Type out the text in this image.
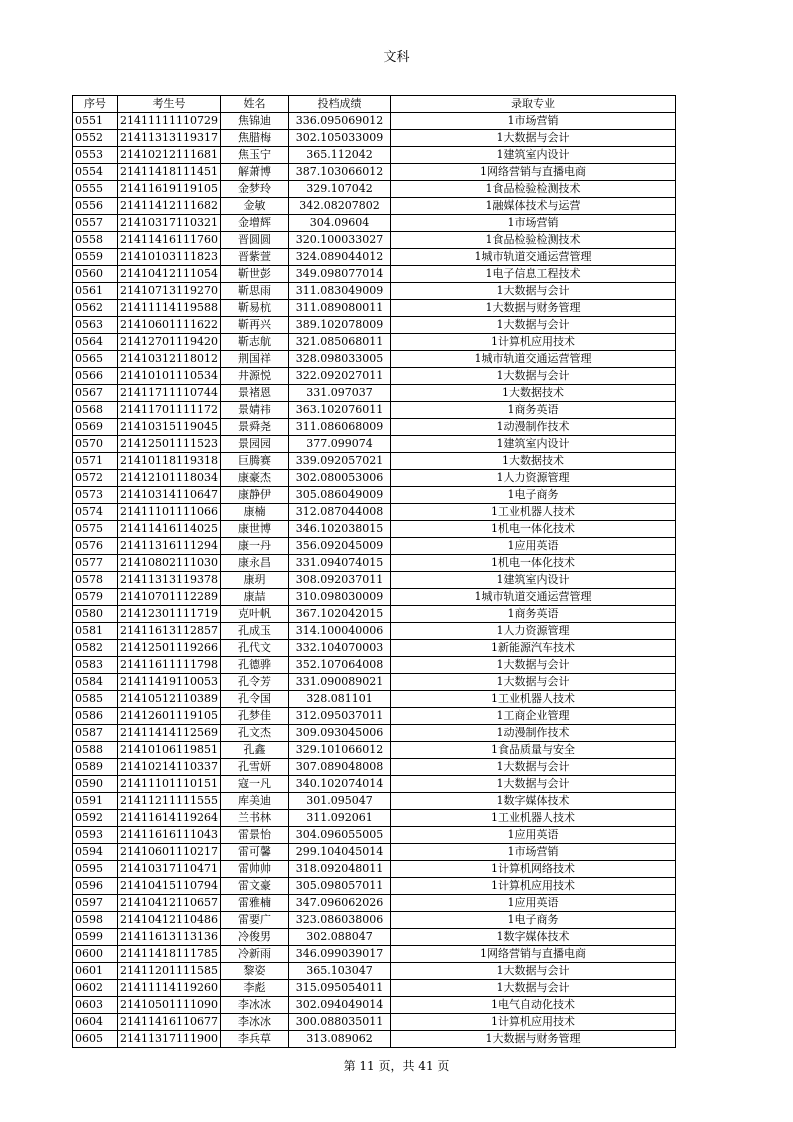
文科
序号	考生号	姓名	投档成绩	录取专业
0551	21411111110729	焦锦迪	336.095069012	1市场营销
0552	21411313119317	焦腊梅	302.105033009	1大数据与会计
0553	21410212111681	焦玉宁	365.112042	1建筑室内设计
0554	21411418111451	解萧博	387.103066012	1网络营销与直播电商
0555	21411619119105	金梦玲	329.107042	1食品检验检测技术
0556	21411412111682	金敏	342.08207802	1融媒体技术与运营
0557	21410317110321	金增辉	304.09604	1市场营销
0558	21411416111760	晋圆圆	320.100033027	1食品检验检测技术
0559	21410103111823	晋紫萱	324.089044012	1城市轨道交通运营管理
0560	21410412111054	靳世彭	349.098077014	1电子信息工程技术
0561	21410713119270	靳思雨	311.083049009	1大数据与会计
0562	21411114119588	靳易杭	311.089080011	1大数据与财务管理
0563	21410601111622	靳再兴	389.102078009	1大数据与会计
0564	21412701119420	靳志航	321.085068011	1计算机应用技术
0565	21410312118012	荆国祥	328.098033005	1城市轨道交通运营管理
0566	21410101110534	井源悦	322.092027011	1大数据与会计
0567	21411711110744	景褚恩	331.097037	1大数据技术
0568	21411701111172	景婧祎	363.102076011	1商务英语
0569	21410315119045	景舜尧	311.086068009	1动漫制作技术
0570	21412501111523	景园园	377.099074	1建筑室内设计
0571	21410118119318	巨腾赛	339.092057021	1大数据技术
0572	21412101118034	康豪杰	302.080053006	1人力资源管理
0573	21410314110647	康静伊	305.086049009	1电子商务
0574	21411101111066	康楠	312.087044008	1工业机器人技术
0575	21411416114025	康世博	346.102038015	1机电一体化技术
0576	21411316111294	康一丹	356.092045009	1应用英语
0577	21410802111030	康永昌	331.094074015	1机电一体化技术
0578	21411313119378	康玥	308.092037011	1建筑室内设计
0579	21410701112289	康喆	310.098030009	1城市轨道交通运营管理
0580	21412301111719	克叶帆	367.102042015	1商务英语
0581	21411613112857	孔成玉	314.100040006	1人力资源管理
0582	21412501119266	孔代文	332.104070003	1新能源汽车技术
0583	21411611111798	孔德骅	352.107064008	1大数据与会计
0584	21411419110053	孔令芳	331.090089021	1大数据与会计
0585	21410512110389	孔令国	328.081101	1工业机器人技术
0586	21412601119105	孔梦佳	312.095037011	1工商企业管理
0587	21411414112569	孔文杰	309.093045006	1动漫制作技术
0588	21410106119851	孔鑫	329.101066012	1食品质量与安全
0589	21410214110337	孔雪妍	307.089048008	1大数据与会计
0590	21411101110151	寇一凡	340.102074014	1大数据与会计
0591	21411211111555	库美迪	301.095047	1数字媒体技术
0592	21411614119264	兰书林	311.092061	1工业机器人技术
0593	21411616111043	雷景怡	304.096055005	1应用英语
0594	21410601110217	雷可馨	299.104045014	1市场营销
0595	21410317110471	雷帅帅	318.092048011	1计算机网络技术
0596	21410415110794	雷文豪	305.098057011	1计算机应用技术
0597	21410412110657	雷雅楠	347.096062026	1应用英语
0598	21410412110486	雷要广	323.086038006	1电子商务
0599	21411613113136	冷俊男	302.088047	1数字媒体技术
0600	21411418111785	冷新雨	346.099039017	1网络营销与直播电商
0601	21411201111585	黎姿	365.103047	1大数据与会计
0602	21411114119260	李彪	315.095054011	1大数据与会计
0603	21410501111090	李冰冰	302.094049014	1电气自动化技术
0604	21411416110677	李冰冰	300.088035011	1计算机应用技术
0605	21411317111900	李兵草	313.089062	1大数据与财务管理
第 11 页，共 41 页
